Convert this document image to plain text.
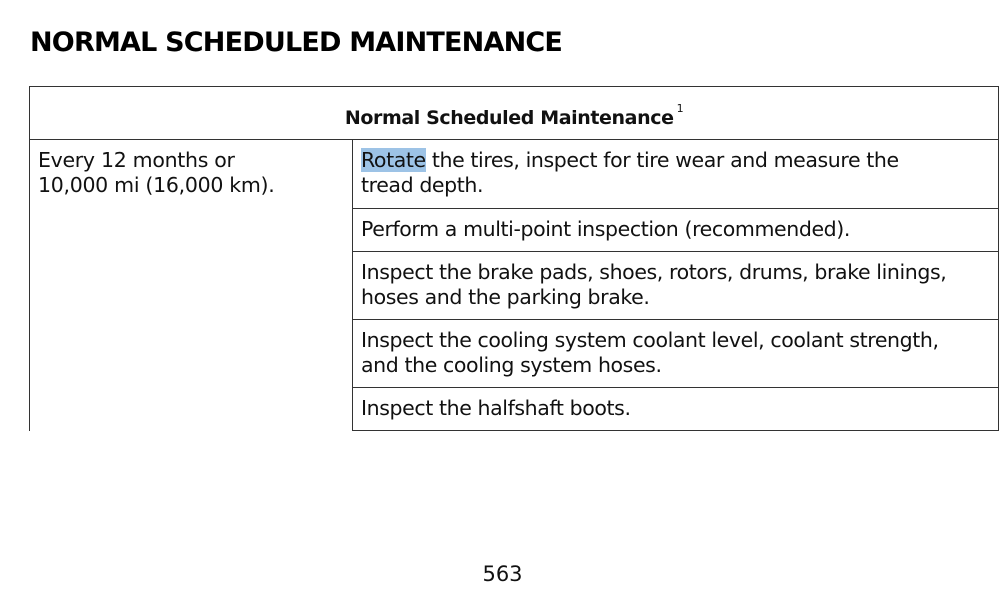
NORMAL SCHEDULED MAINTENANCE
Normal Scheduled Maintenance $^1$
Every 12 months or
10,000 mi (16,000 km).
Rotate the tires, inspect for tire wear and measure the
tread depth.
Perform a multi-point inspection (recommended).
Inspect the brake pads, shoes, rotors, drums, brake linings,
hoses and the parking brake.
Inspect the cooling system coolant level, coolant strength,
and the cooling system hoses.
Inspect the halfshaft boots.
563
